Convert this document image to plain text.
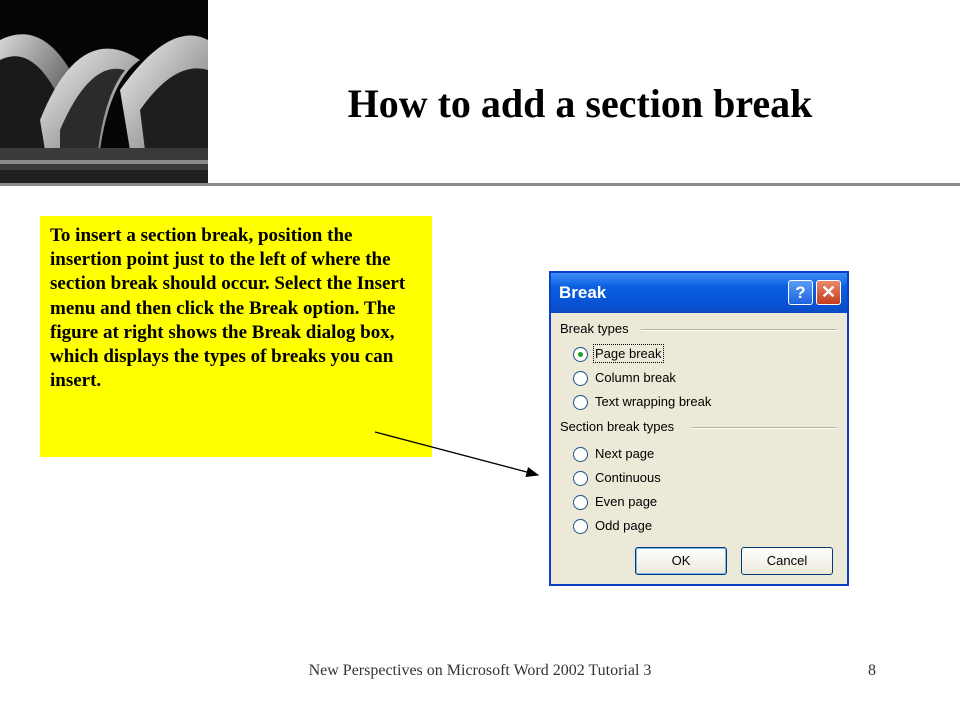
How to add a section break
To insert a section break, position the insertion point just to the left of where the section break should occur. Select the Insert menu and then click the Break option. The figure at right shows the Break dialog box, which displays the types of breaks you can insert.
Break	? ✕
Break types
Page break
Column break
Text wrapping break
Section break types
Next page
Continuous
Even page
Odd page
OK	Cancel
New Perspectives on Microsoft Word 2002 Tutorial 3	8
